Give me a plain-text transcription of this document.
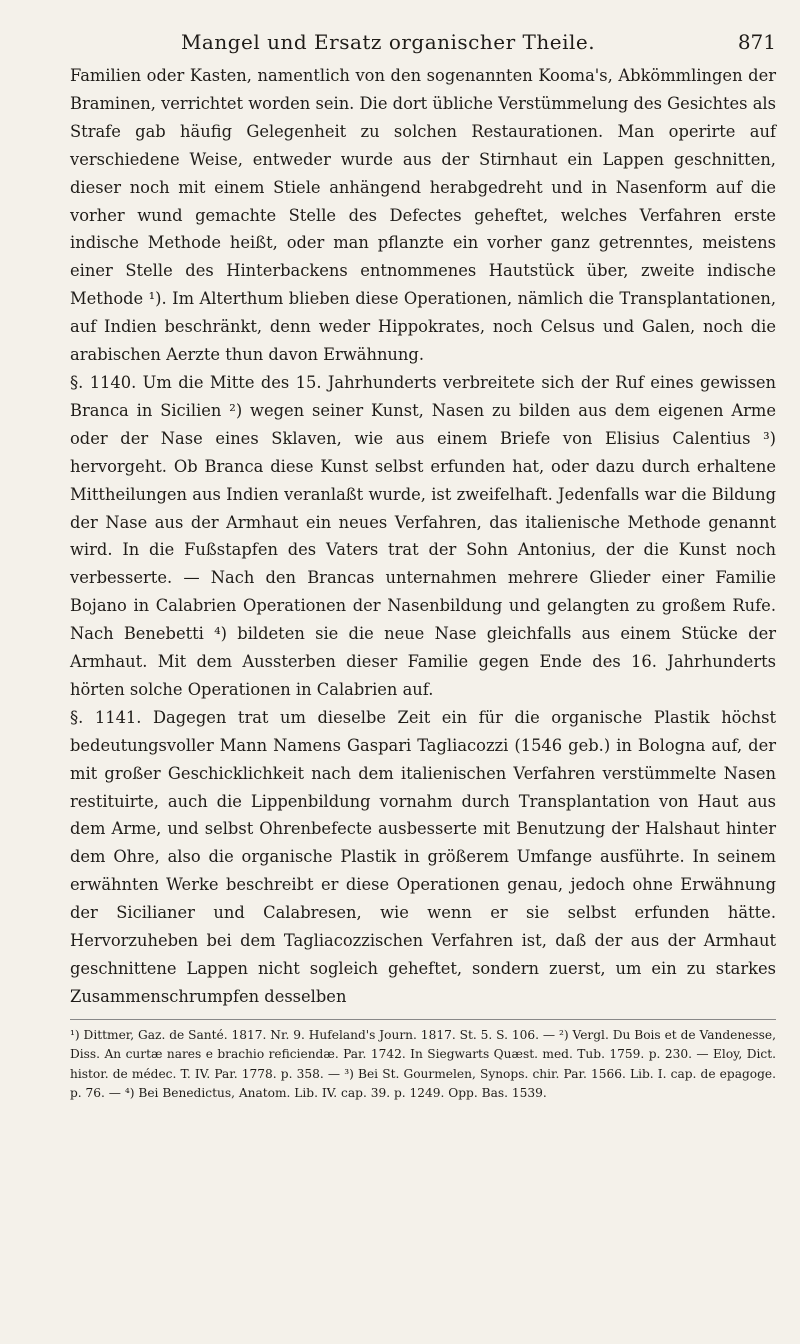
Mangel und Ersatz organischer Theile.	871

Familien oder Kasten, namentlich von den sogenannten Kooma's, Abkömmlingen der Braminen, verrichtet worden sein. Die dort übliche Verstümmelung des Gesichtes als Strafe gab häufig Gelegenheit zu solchen Restaurationen. Man operirte auf verschiedene Weise, entweder wurde aus der Stirnhaut ein Lappen geschnitten, dieser noch mit einem Stiele anhängend herabgedreht und in Nasenform auf die vorher wund gemachte Stelle des Defectes geheftet, welches Verfahren erste indische Methode heißt, oder man pflanzte ein vorher ganz getrenntes, meistens einer Stelle des Hinterbackens entnommenes Hautstück über, zweite indische Methode ¹). Im Alterthum blieben diese Operationen, nämlich die Transplantationen, auf Indien beschränkt, denn weder Hippokrates, noch Celsus und Galen, noch die arabischen Aerzte thun davon Erwähnung.

§. 1140. Um die Mitte des 15. Jahrhunderts verbreitete sich der Ruf eines gewissen Branca in Sicilien ²) wegen seiner Kunst, Nasen zu bilden aus dem eigenen Arme oder der Nase eines Sklaven, wie aus einem Briefe von Elisius Calentius ³) hervorgeht. Ob Branca diese Kunst selbst erfunden hat, oder dazu durch erhaltene Mittheilungen aus Indien veranlaßt wurde, ist zweifelhaft. Jedenfalls war die Bildung der Nase aus der Armhaut ein neues Verfahren, das italienische Methode genannt wird. In die Fußstapfen des Vaters trat der Sohn Antonius, der die Kunst noch verbesserte. — Nach den Brancas unternahmen mehrere Glieder einer Familie Bojano in Calabrien Operationen der Nasenbildung und gelangten zu großem Rufe. Nach Benebetti ⁴) bildeten sie die neue Nase gleichfalls aus einem Stücke der Armhaut. Mit dem Aussterben dieser Familie gegen Ende des 16. Jahrhunderts hörten solche Operationen in Calabrien auf.

§. 1141. Dagegen trat um dieselbe Zeit ein für die organische Plastik höchst bedeutungsvoller Mann Namens Gaspari Tagliacozzi (1546 geb.) in Bologna auf, der mit großer Geschicklichkeit nach dem italienischen Verfahren verstümmelte Nasen restituirte, auch die Lippenbildung vornahm durch Transplantation von Haut aus dem Arme, und selbst Ohrenbefecte ausbesserte mit Benutzung der Halshaut hinter dem Ohre, also die organische Plastik in größerem Umfange ausführte. In seinem erwähnten Werke beschreibt er diese Operationen genau, jedoch ohne Erwähnung der Sicilianer und Calabresen, wie wenn er sie selbst erfunden hätte. Hervorzuheben bei dem Tagliacozzischen Verfahren ist, daß der aus der Armhaut geschnittene Lappen nicht sogleich geheftet, sondern zuerst, um ein zu starkes Zusammenschrumpfen desselben

¹) Dittmer, Gaz. de Santé. 1817. Nr. 9. Hufeland's Journ. 1817. St. 5. S. 106. — ²) Vergl. Du Bois et de Vandenesse, Diss. An curtæ nares e brachio reficiendæ. Par. 1742. In Siegwarts Quæst. med. Tub. 1759. p. 230. — Eloy, Dict. histor. de médec. T. IV. Par. 1778. p. 358. — ³) Bei St. Gourmelen, Synops. chir. Par. 1566. Lib. I. cap. de epagoge. p. 76. — ⁴) Bei Benedictus, Anatom. Lib. IV. cap. 39. p. 1249. Opp. Bas. 1539.
